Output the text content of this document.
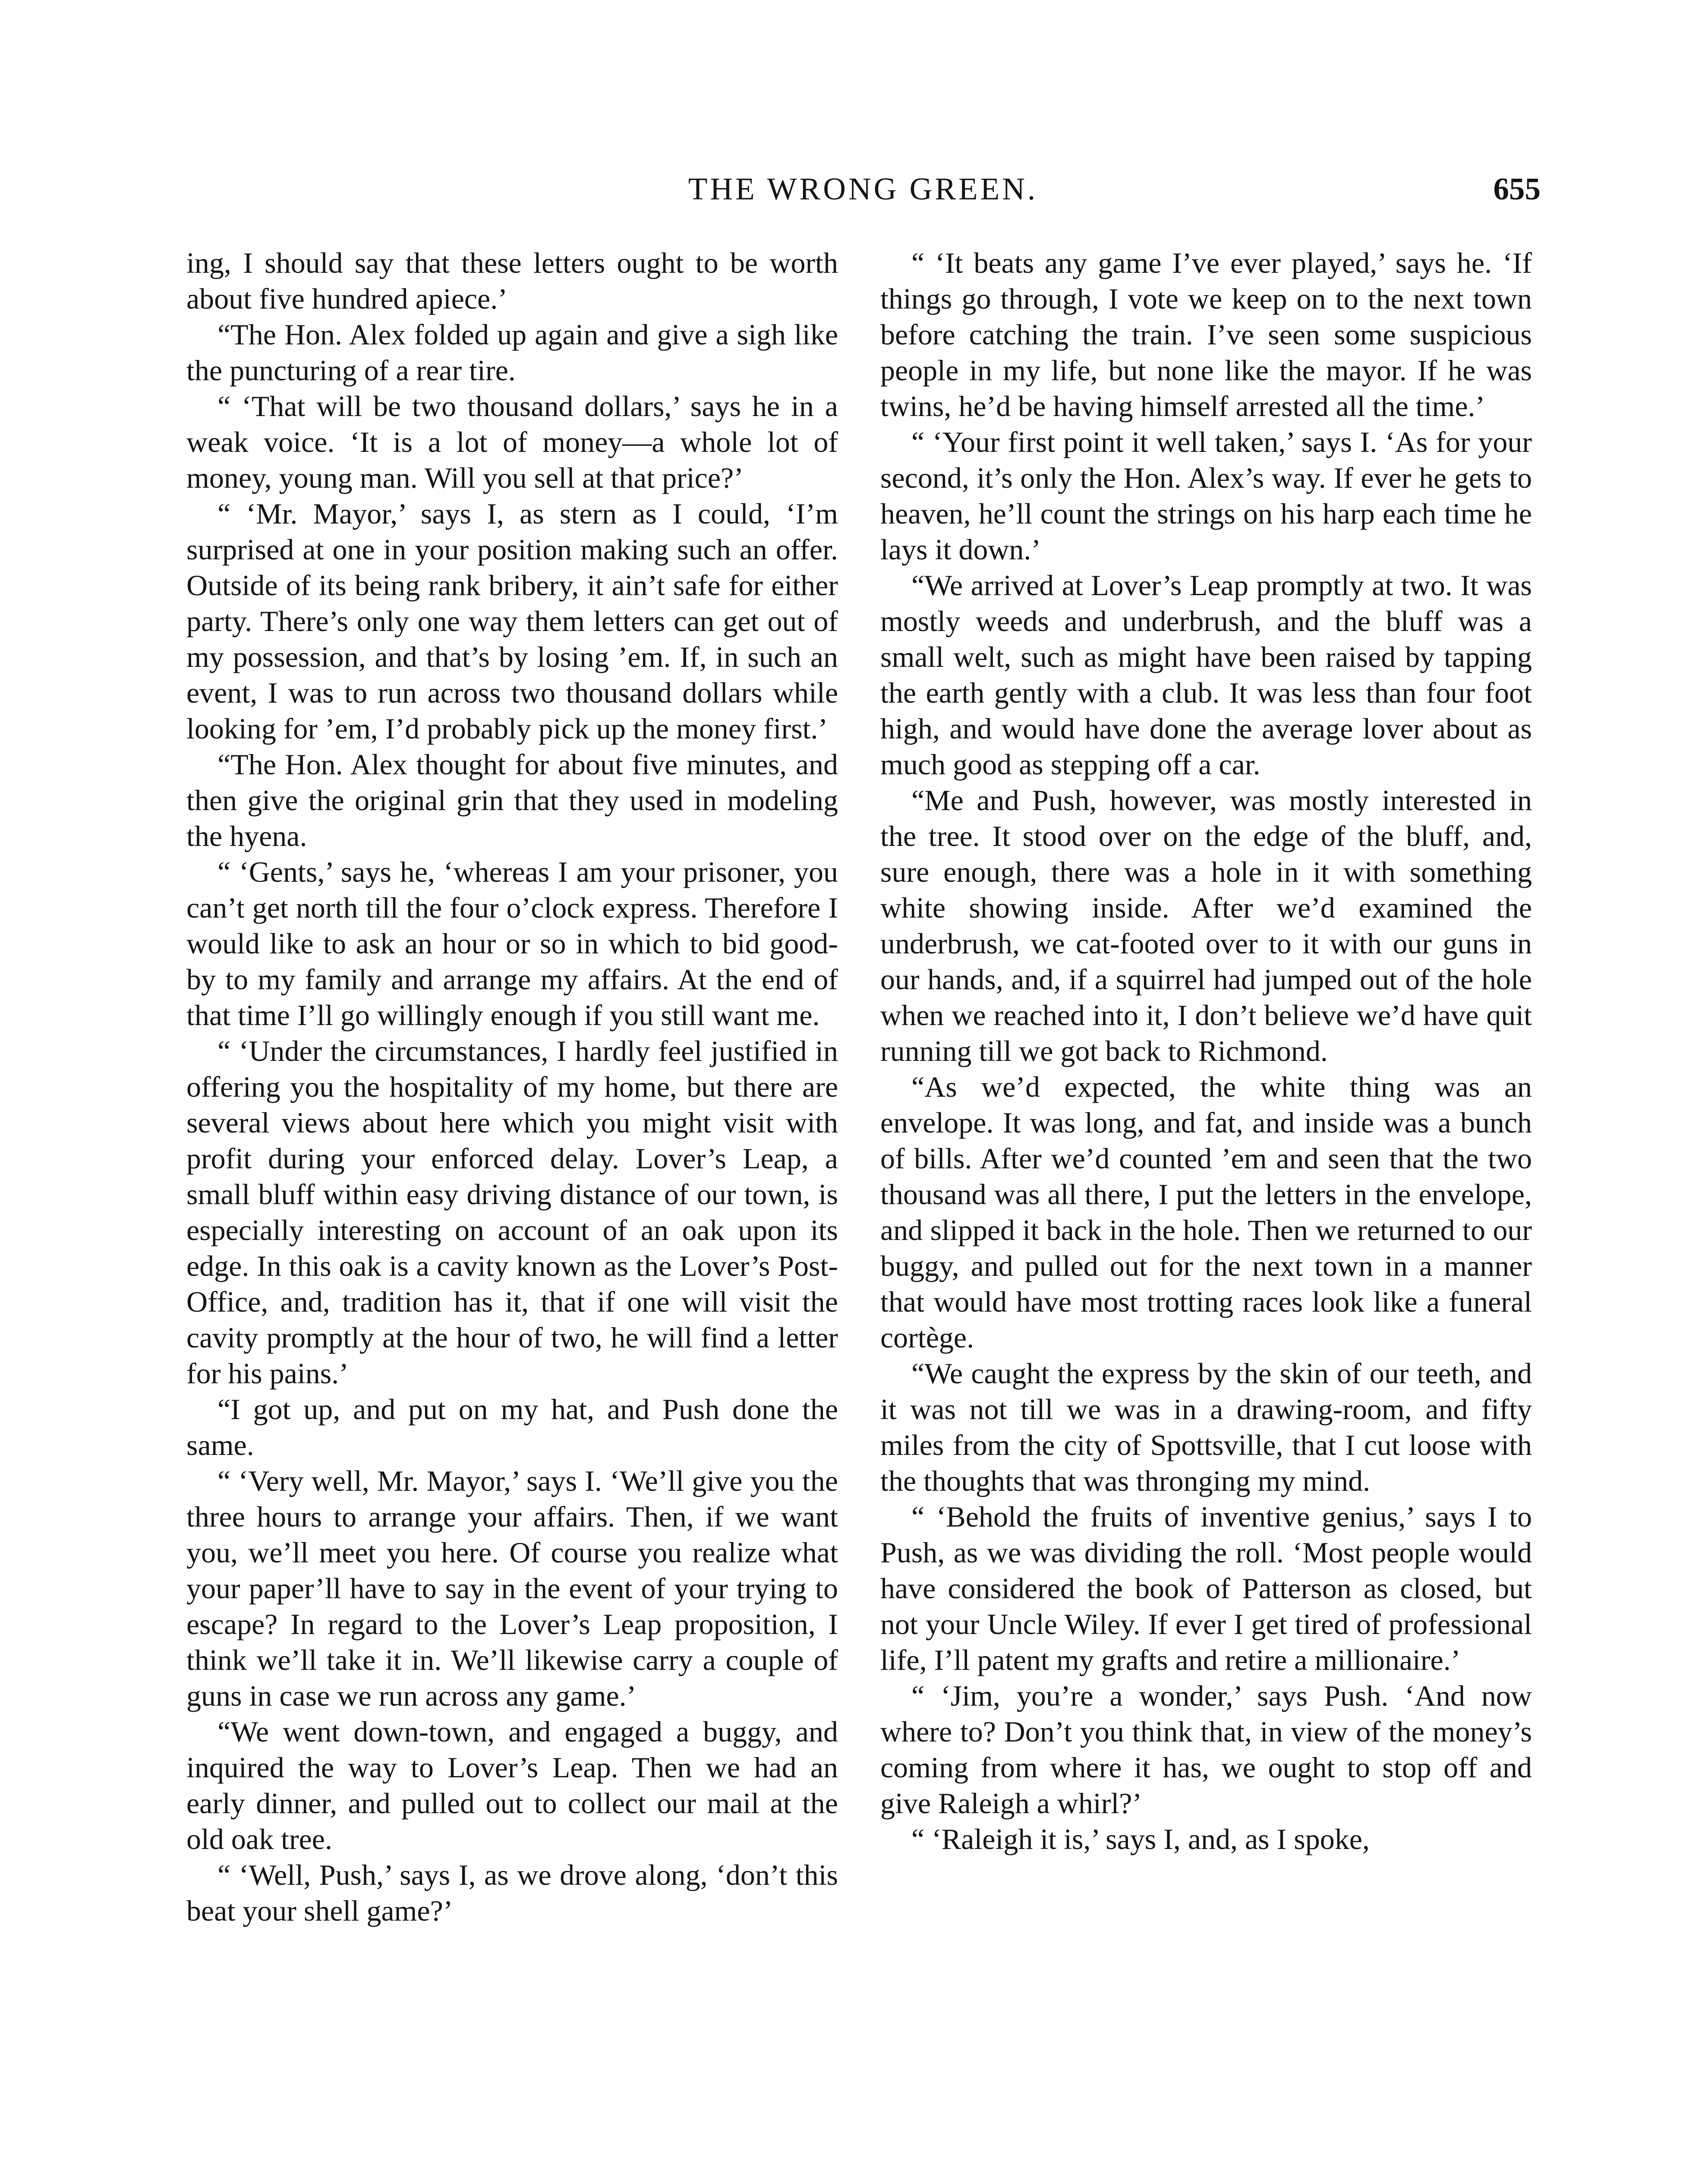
THE WRONG GREEN.	655

ing, I should say that these letters ought to be worth about five hundred apiece.’

“The Hon. Alex folded up again and give a sigh like the puncturing of a rear tire.

“ ‘That will be two thousand dollars,’ says he in a weak voice. ‘It is a lot of money—a whole lot of money, young man. Will you sell at that price?’

“ ‘Mr. Mayor,’ says I, as stern as I could, ‘I’m surprised at one in your position making such an offer. Outside of its being rank bribery, it ain’t safe for either party. There’s only one way them letters can get out of my possession, and that’s by losing ’em. If, in such an event, I was to run across two thousand dollars while looking for ’em, I’d probably pick up the money first.’

“The Hon. Alex thought for about five minutes, and then give the original grin that they used in modeling the hyena.

“ ‘Gents,’ says he, ‘whereas I am your prisoner, you can’t get north till the four o’clock express. Therefore I would like to ask an hour or so in which to bid good-by to my family and arrange my affairs. At the end of that time I’ll go willingly enough if you still want me.

“ ‘Under the circumstances, I hardly feel justified in offering you the hospitality of my home, but there are several views about here which you might visit with profit during your enforced delay. Lover’s Leap, a small bluff within easy driving distance of our town, is especially interesting on account of an oak upon its edge. In this oak is a cavity known as the Lover’s Post-Office, and, tradition has it, that if one will visit the cavity promptly at the hour of two, he will find a letter for his pains.’

“I got up, and put on my hat, and Push done the same.

“ ‘Very well, Mr. Mayor,’ says I. ‘We’ll give you the three hours to arrange your affairs. Then, if we want you, we’ll meet you here. Of course you realize what your paper’ll have to say in the event of your trying to escape? In regard to the Lover’s Leap proposition, I think we’ll take it in. We’ll likewise carry a couple of guns in case we run across any game.’

“We went down-town, and engaged a buggy, and inquired the way to Lover’s Leap. Then we had an early dinner, and pulled out to collect our mail at the old oak tree.

“ ‘Well, Push,’ says I, as we drove along, ‘don’t this beat your shell game?’

“ ‘It beats any game I’ve ever played,’ says he. ‘If things go through, I vote we keep on to the next town before catching the train. I’ve seen some suspicious people in my life, but none like the mayor. If he was twins, he’d be having himself arrested all the time.’

“ ‘Your first point it well taken,’ says I. ‘As for your second, it’s only the Hon. Alex’s way. If ever he gets to heaven, he’ll count the strings on his harp each time he lays it down.’

“We arrived at Lover’s Leap promptly at two. It was mostly weeds and underbrush, and the bluff was a small welt, such as might have been raised by tapping the earth gently with a club. It was less than four foot high, and would have done the average lover about as much good as stepping off a car.

“Me and Push, however, was mostly interested in the tree. It stood over on the edge of the bluff, and, sure enough, there was a hole in it with something white showing inside. After we’d examined the underbrush, we cat-footed over to it with our guns in our hands, and, if a squirrel had jumped out of the hole when we reached into it, I don’t believe we’d have quit running till we got back to Richmond.

“As we’d expected, the white thing was an envelope. It was long, and fat, and inside was a bunch of bills. After we’d counted ’em and seen that the two thousand was all there, I put the letters in the envelope, and slipped it back in the hole. Then we returned to our buggy, and pulled out for the next town in a manner that would have most trotting races look like a funeral cortège.

“We caught the express by the skin of our teeth, and it was not till we was in a drawing-room, and fifty miles from the city of Spottsville, that I cut loose with the thoughts that was thronging my mind.

“ ‘Behold the fruits of inventive genius,’ says I to Push, as we was dividing the roll. ‘Most people would have considered the book of Patterson as closed, but not your Uncle Wiley. If ever I get tired of professional life, I’ll patent my grafts and retire a millionaire.’

“ ‘Jim, you’re a wonder,’ says Push. ‘And now where to? Don’t you think that, in view of the money’s coming from where it has, we ought to stop off and give Raleigh a whirl?’

“ ‘Raleigh it is,’ says I, and, as I spoke,
